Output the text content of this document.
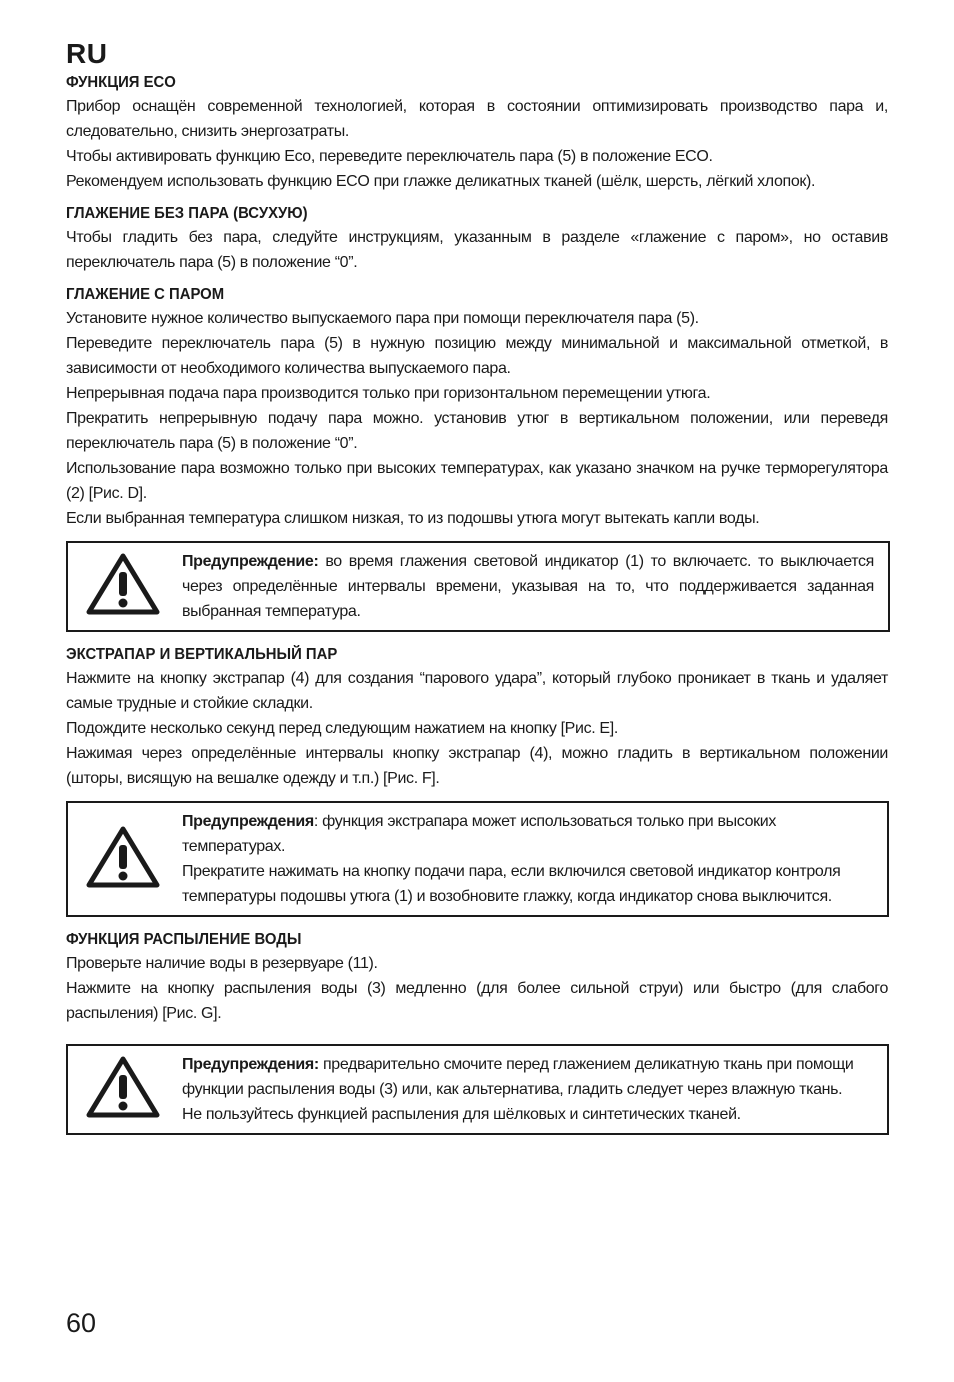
RU
ФУНКЦИЯ ECO

Прибор оснащён современной технологией, которая в состоянии оптимизировать производство пара и, следовательно, снизить энергозатраты.

Чтобы активировать функцию Eco, переведите переключатель пара (5) в положение ECO.

Рекомендуем использовать функцию ECO при глажке деликатных тканей (шёлк, шерсть, лёгкий хлопок).

ГЛАЖЕНИЕ БЕЗ ПАРА (ВСУХУЮ)

Чтобы гладить без пара, следуйте инструкциям, указанным в разделе «глажение с паром», но оставив переключатель пара (5) в положение “0”.

ГЛАЖЕНИЕ С ПАРОМ

Установите нужное количество выпускаемого пара при помощи переключателя пара (5).

Переведите переключатель пара (5) в нужную позицию между минимальной и максимальной отметкой, в зависимости от необходимого количества выпускаемого пара.

Непрерывная подача пара производится только при горизонтальном перемещении утюга.

Прекратить непрерывную подачу пара можно. установив утюг в вертикальном положении, или переведя переключатель пара (5) в положение “0”.

Использование пара возможно только при высоких температурах, как указано значком на ручке терморегулятора (2) [Рис. D].

Если выбранная температура слишком низкая, то из подошвы утюга могут вытекать капли воды.

Предупреждение: во время глажения световой индикатор (1) то включаетс. то выключается через определённые интервалы времени, указывая на то, что поддерживается заданная выбранная температура.

ЭКСТРАПАР И ВЕРТИКАЛЬНЫЙ ПАР

Нажмите на кнопку экстрапар (4) для создания “парового удара”, который глубоко проникает в ткань и удаляет самые трудные и стойкие складки.

Подождите несколько секунд перед следующим нажатием на кнопку [Рис. E].

Нажимая через определённые интервалы кнопку экстрапар (4), можно гладить в вертикальном положении (шторы, висящую на вешалке одежду и т.п.) [Рис. F].

Предупреждения: функция экстрапара может использоваться только при высоких температурах.

Прекратите нажимать на кнопку подачи пара, если включился световой индикатор контроля температуры подошвы утюга (1) и возобновите глажку, когда индикатор снова выключится.

ФУНКЦИЯ РАСПЫЛЕНИЕ ВОДЫ

Проверьте наличие воды в резервуаре (11).

Нажмите на кнопку распыления воды (3) медленно (для более сильной струи) или быстро (для слабого распыления) [Рис. G].

Предупреждения: предварительно смочите перед глажением деликатную ткань при помощи функции распыления воды (3) или, как альтернатива, гладить следует через влажную ткань.

Не пользуйтесь функцией распыления для шёлковых и синтетических тканей.

60
